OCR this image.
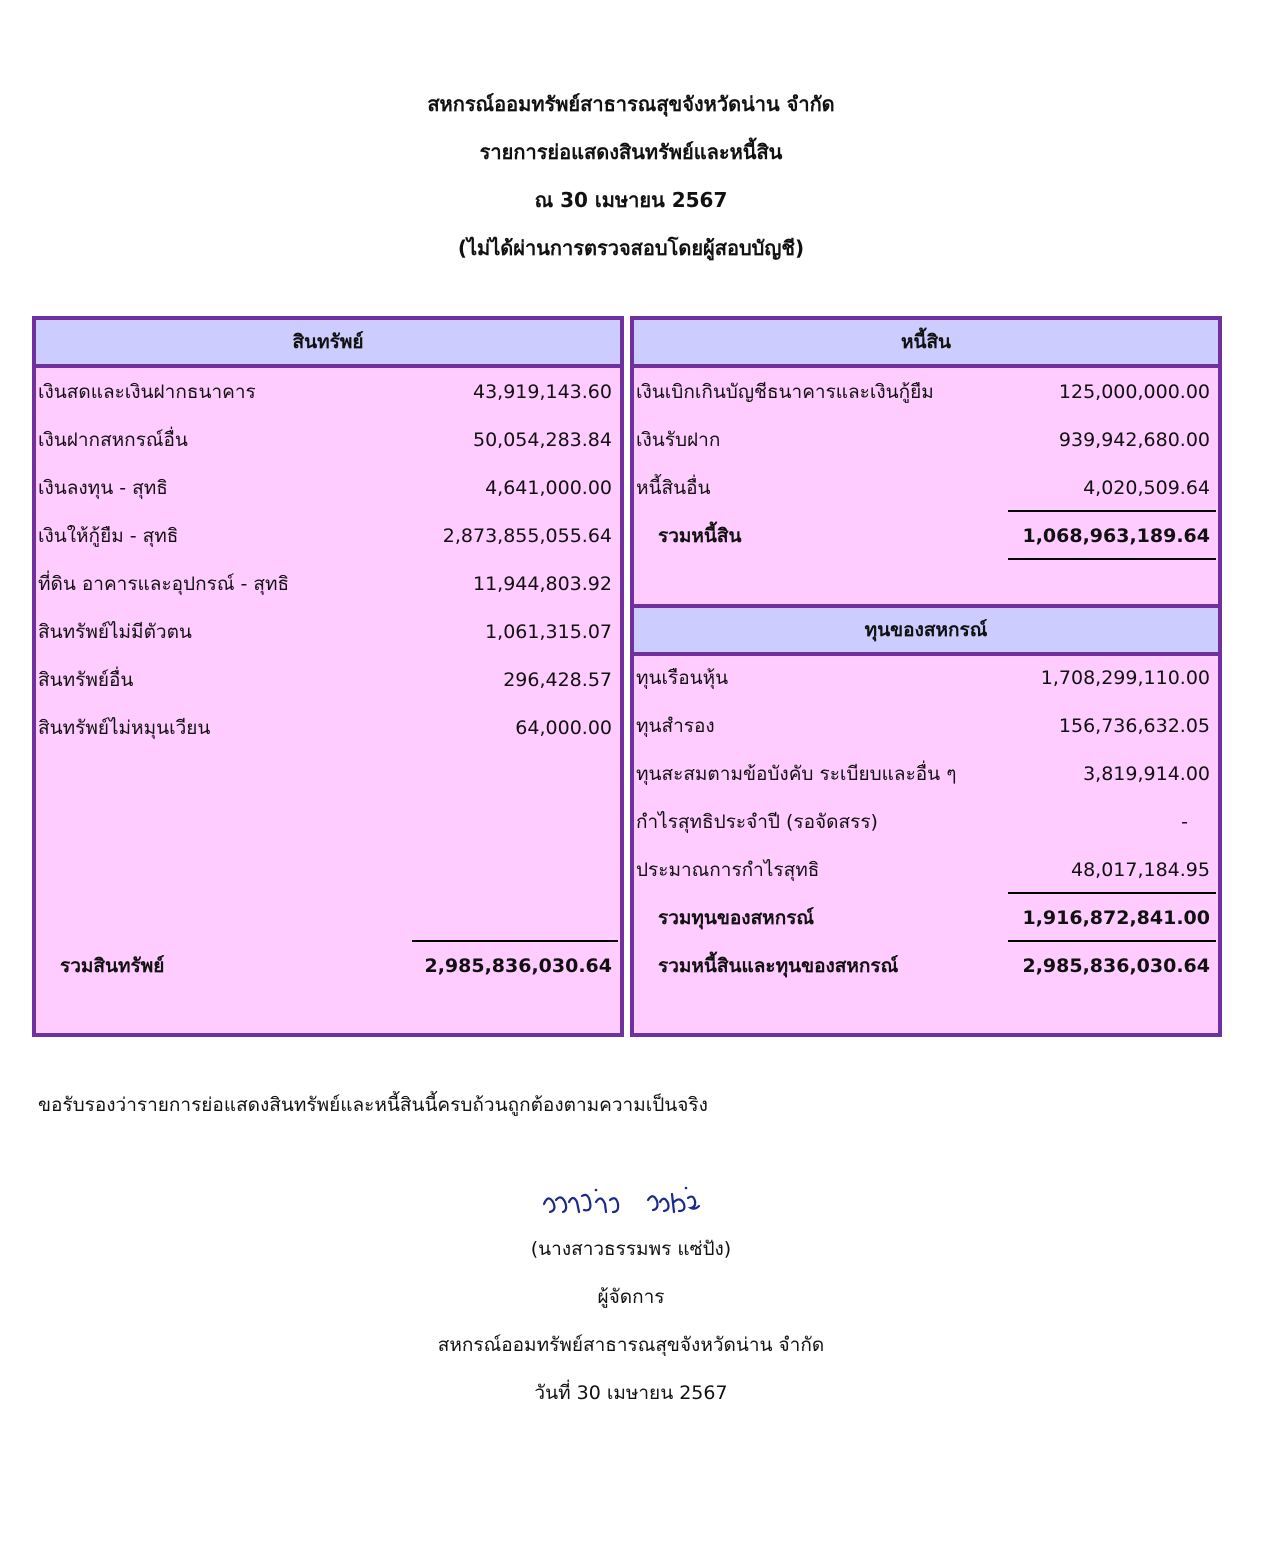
สหกรณ์ออมทรัพย์สาธารณสุขจังหวัดน่าน จำกัด
รายการย่อแสดงสินทรัพย์และหนี้สิน
ณ 30 เมษายน 2567
(ไม่ได้ผ่านการตรวจสอบโดยผู้สอบบัญชี)
สินทรัพย์
เงินสดและเงินฝากธนาคาร	43,919,143.60
เงินฝากสหกรณ์อื่น	50,054,283.84
เงินลงทุน - สุทธิ	4,641,000.00
เงินให้กู้ยืม - สุทธิ	2,873,855,055.64
ที่ดิน อาคารและอุปกรณ์ - สุทธิ	11,944,803.92
สินทรัพย์ไม่มีตัวตน	1,061,315.07
สินทรัพย์อื่น	296,428.57
สินทรัพย์ไม่หมุนเวียน	64,000.00
รวมสินทรัพย์	2,985,836,030.64
หนี้สิน
เงินเบิกเกินบัญชีธนาคารและเงินกู้ยืม	125,000,000.00
เงินรับฝาก	939,942,680.00
หนี้สินอื่น	4,020,509.64
รวมหนี้สิน	1,068,963,189.64
ทุนของสหกรณ์
ทุนเรือนหุ้น	1,708,299,110.00
ทุนสำรอง	156,736,632.05
ทุนสะสมตามข้อบังคับ ระเบียบและอื่น ๆ	3,819,914.00
กำไรสุทธิประจำปี (รอจัดสรร)	-
ประมาณการกำไรสุทธิ	48,017,184.95
รวมทุนของสหกรณ์	1,916,872,841.00
รวมหนี้สินและทุนของสหกรณ์	2,985,836,030.64
ขอรับรองว่ารายการย่อแสดงสินทรัพย์และหนี้สินนี้ครบถ้วนถูกต้องตามความเป็นจริง
(นางสาวธรรมพร แซ่ปัง)
ผู้จัดการ
สหกรณ์ออมทรัพย์สาธารณสุขจังหวัดน่าน จำกัด
วันที่ 30 เมษายน 2567
